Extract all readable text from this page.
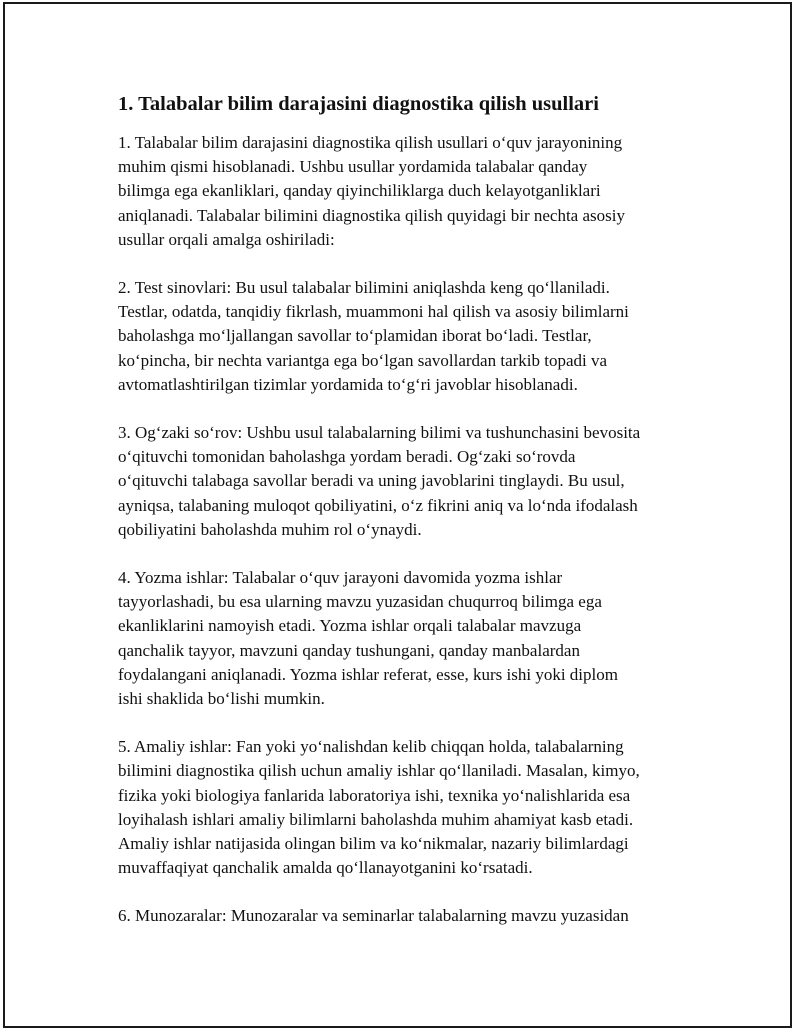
1. Talabalar bilim darajasini diagnostika qilish usullari

1. Talabalar bilim darajasini diagnostika qilish usullari o‘quv jarayonining
muhim qismi hisoblanadi. Ushbu usullar yordamida talabalar qanday
bilimga ega ekanliklari, qanday qiyinchiliklarga duch kelayotganliklari
aniqlanadi. Talabalar bilimini diagnostika qilish quyidagi bir nechta asosiy
usullar orqali amalga oshiriladi:

2. Test sinovlari: Bu usul talabalar bilimini aniqlashda keng qo‘llaniladi.
Testlar, odatda, tanqidiy fikrlash, muammoni hal qilish va asosiy bilimlarni
baholashga mo‘ljallangan savollar to‘plamidan iborat bo‘ladi. Testlar,
ko‘pincha, bir nechta variantga ega bo‘lgan savollardan tarkib topadi va
avtomatlashtirilgan tizimlar yordamida to‘g‘ri javoblar hisoblanadi.

3. Og‘zaki so‘rov: Ushbu usul talabalarning bilimi va tushunchasini bevosita
o‘qituvchi tomonidan baholashga yordam beradi. Og‘zaki so‘rovda
o‘qituvchi talabaga savollar beradi va uning javoblarini tinglaydi. Bu usul,
ayniqsa, talabaning muloqot qobiliyatini, o‘z fikrini aniq va lo‘nda ifodalash
qobiliyatini baholashda muhim rol o‘ynaydi.

4. Yozma ishlar: Talabalar o‘quv jarayoni davomida yozma ishlar
tayyorlashadi, bu esa ularning mavzu yuzasidan chuqurroq bilimga ega
ekanliklarini namoyish etadi. Yozma ishlar orqali talabalar mavzuga
qanchalik tayyor, mavzuni qanday tushungani, qanday manbalardan
foydalangani aniqlanadi. Yozma ishlar referat, esse, kurs ishi yoki diplom
ishi shaklida bo‘lishi mumkin.

5. Amaliy ishlar: Fan yoki yo‘nalishdan kelib chiqqan holda, talabalarning
bilimini diagnostika qilish uchun amaliy ishlar qo‘llaniladi. Masalan, kimyo,
fizika yoki biologiya fanlarida laboratoriya ishi, texnika yo‘nalishlarida esa
loyihalash ishlari amaliy bilimlarni baholashda muhim ahamiyat kasb etadi.
Amaliy ishlar natijasida olingan bilim va ko‘nikmalar, nazariy bilimlardagi
muvaffaqiyat qanchalik amalda qo‘llanayotganini ko‘rsatadi.

6. Munozaralar: Munozaralar va seminarlar talabalarning mavzu yuzasidan
